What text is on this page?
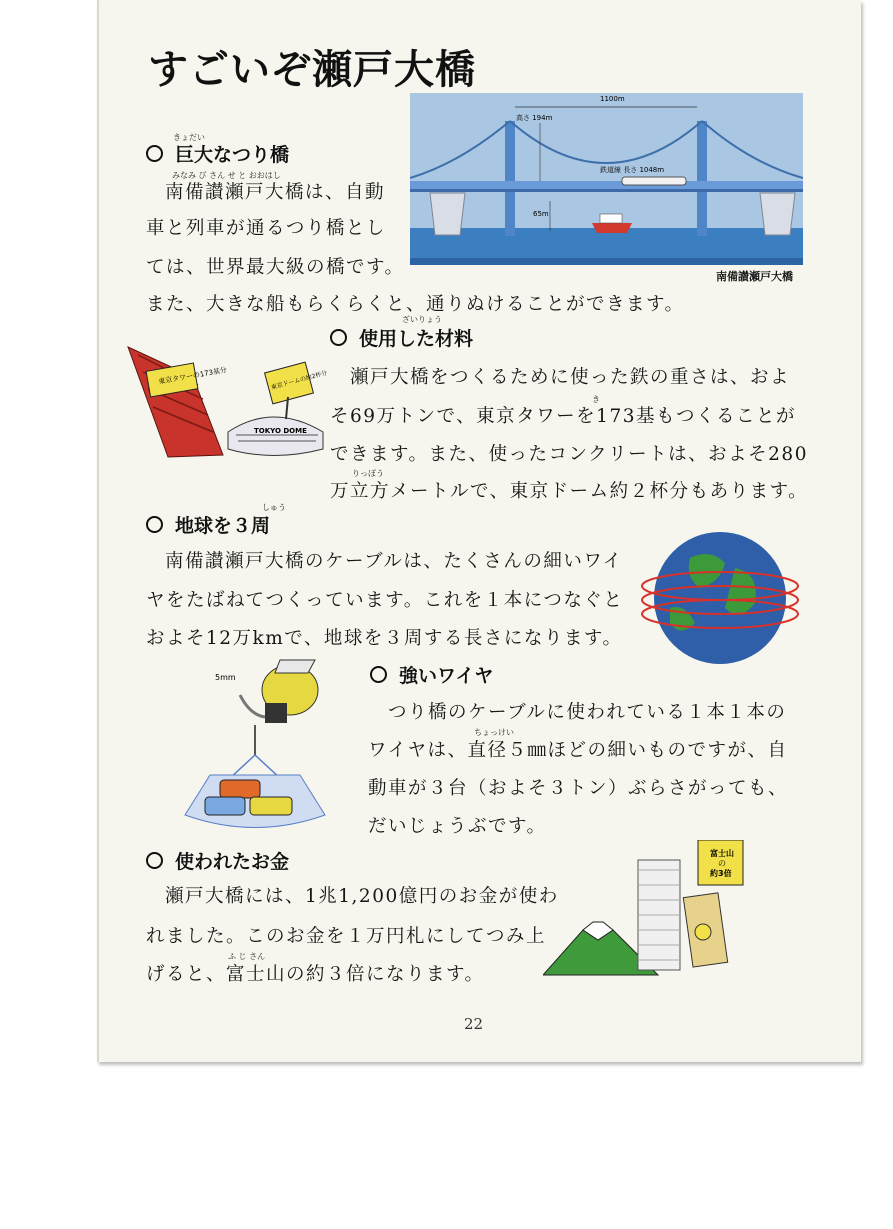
すごいぞ瀬戸大橋
1100m
高さ 194m
65m
鉄道線 長さ 1048m
南備讃瀬戸大橋
きょだい
巨大なつり橋
みなみ び さん せ と おおはし
南備讃瀬戸大橋は、自動
車と列車が通るつり橋とし
ては、世界最大級の橋です。
また、大きな船もらくらくと、通りぬけることができます。
東京タワーの173基分	東京ドームの約2杯分
TOKYO DOME
ざいりょう
使用した材料
瀬戸大橋をつくるために使った鉄の重さは、およ
き
そ69万トンで、東京タワーを173基もつくることが
できます。また、使ったコンクリートは、およそ280
りっぽう
万立方メートルで、東京ドーム約２杯分もあります。
しゅう
地球を３周
南備讃瀬戸大橋のケーブルは、たくさんの細いワイ
ヤをたばねてつくっています。これを１本につなぐと
およそ12万kmで、地球を３周する長さになります。
5mm	強いワイヤ
つり橋のケーブルに使われている１本１本の
ちょっけい
ワイヤは、直径５㎜ほどの細いものですが、自
動車が３台（およそ３トン）ぶらさがっても、
だいじょうぶです。
使われたお金
瀬戸大橋には、1兆1,200億円のお金が使わ
れました。このお金を１万円札にしてつみ上
ふ じ さん
げると、富士山の約３倍になります。
富士山
の
約3倍
22
